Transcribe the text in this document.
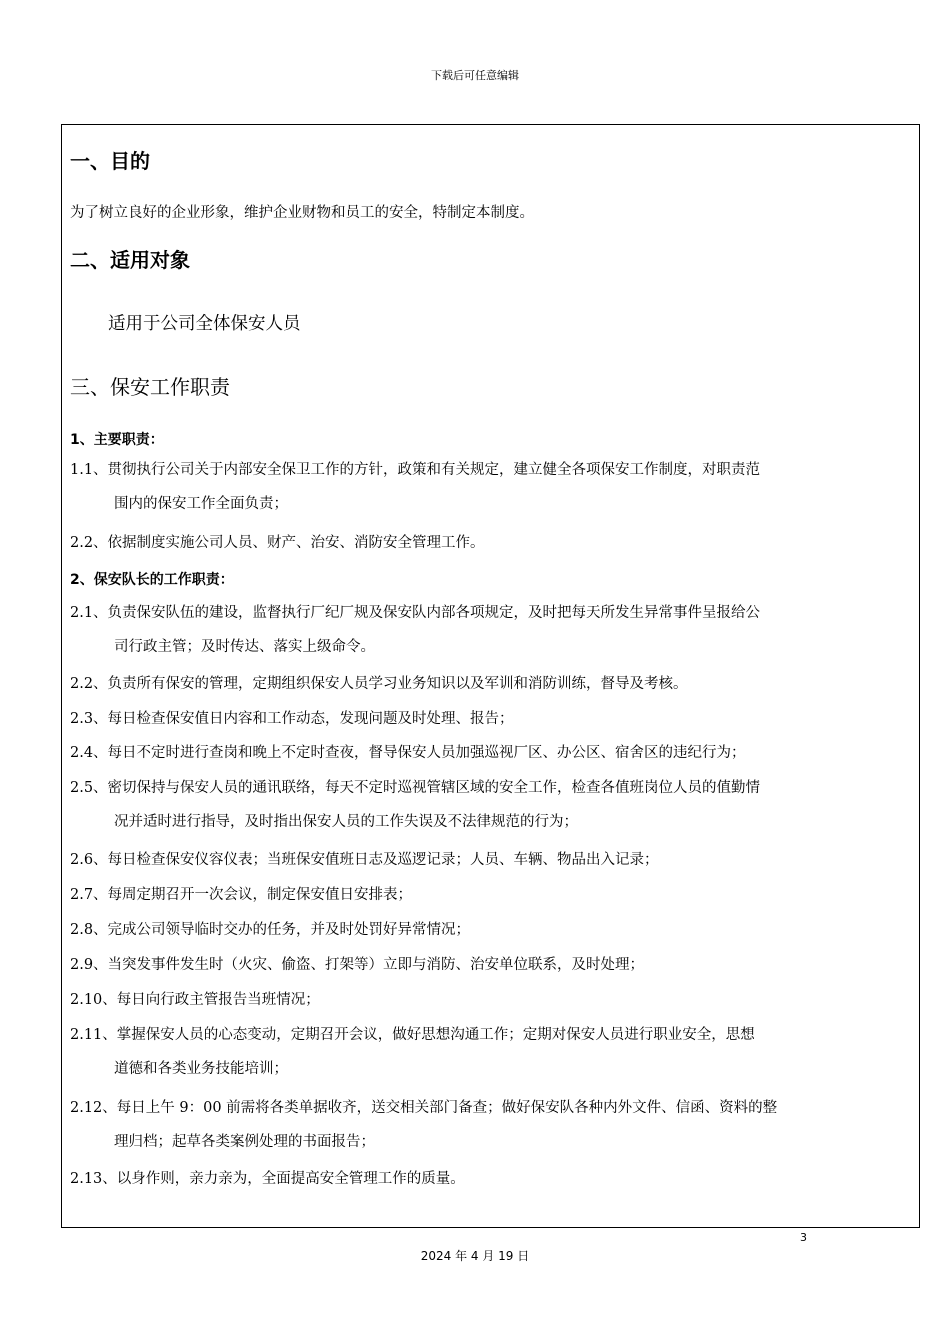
下载后可任意编辑
一、目的
为了树立良好的企业形象，维护企业财物和员工的安全，特制定本制度。
二、适用对象
适用于公司全体保安人员
三、保安工作职责
1、主要职责：
1.1、贯彻执行公司关于内部安全保卫工作的方针，政策和有关规定，建立健全各项保安工作制度，对职责范
围内的保安工作全面负责；
2.2、依据制度实施公司人员、财产、治安、消防安全管理工作。
2、保安队长的工作职责：
2.1、负责保安队伍的建设，监督执行厂纪厂规及保安队内部各项规定，及时把每天所发生异常事件呈报给公
司行政主管；及时传达、落实上级命令。
2.2、负责所有保安的管理，定期组织保安人员学习业务知识以及军训和消防训练，督导及考核。
2.3、每日检查保安值日内容和工作动态，发现问题及时处理、报告；
2.4、每日不定时进行查岗和晚上不定时查夜，督导保安人员加强巡视厂区、办公区、宿舍区的违纪行为；
2.5、密切保持与保安人员的通讯联络，每天不定时巡视管辖区域的安全工作，检查各值班岗位人员的值勤情
况并适时进行指导，及时指出保安人员的工作失误及不法律规范的行为；
2.6、每日检查保安仪容仪表；当班保安值班日志及巡逻记录；人员、车辆、物品出入记录；
2.7、每周定期召开一次会议，制定保安值日安排表；
2.8、完成公司领导临时交办的任务，并及时处罚好异常情况；
2.9、当突发事件发生时（火灾、偷盗、打架等）立即与消防、治安单位联系，及时处理；
2.10、每日向行政主管报告当班情况；
2.11、掌握保安人员的心态变动，定期召开会议，做好思想沟通工作；定期对保安人员进行职业安全，思想
道德和各类业务技能培训；
2.12、每日上午 9：00 前需将各类单据收齐，送交相关部门备查；做好保安队各种内外文件、信函、资料的整
理归档；起草各类案例处理的书面报告；
2.13、以身作则，亲力亲为，全面提高安全管理工作的质量。
3
2024 年 4 月 19 日
